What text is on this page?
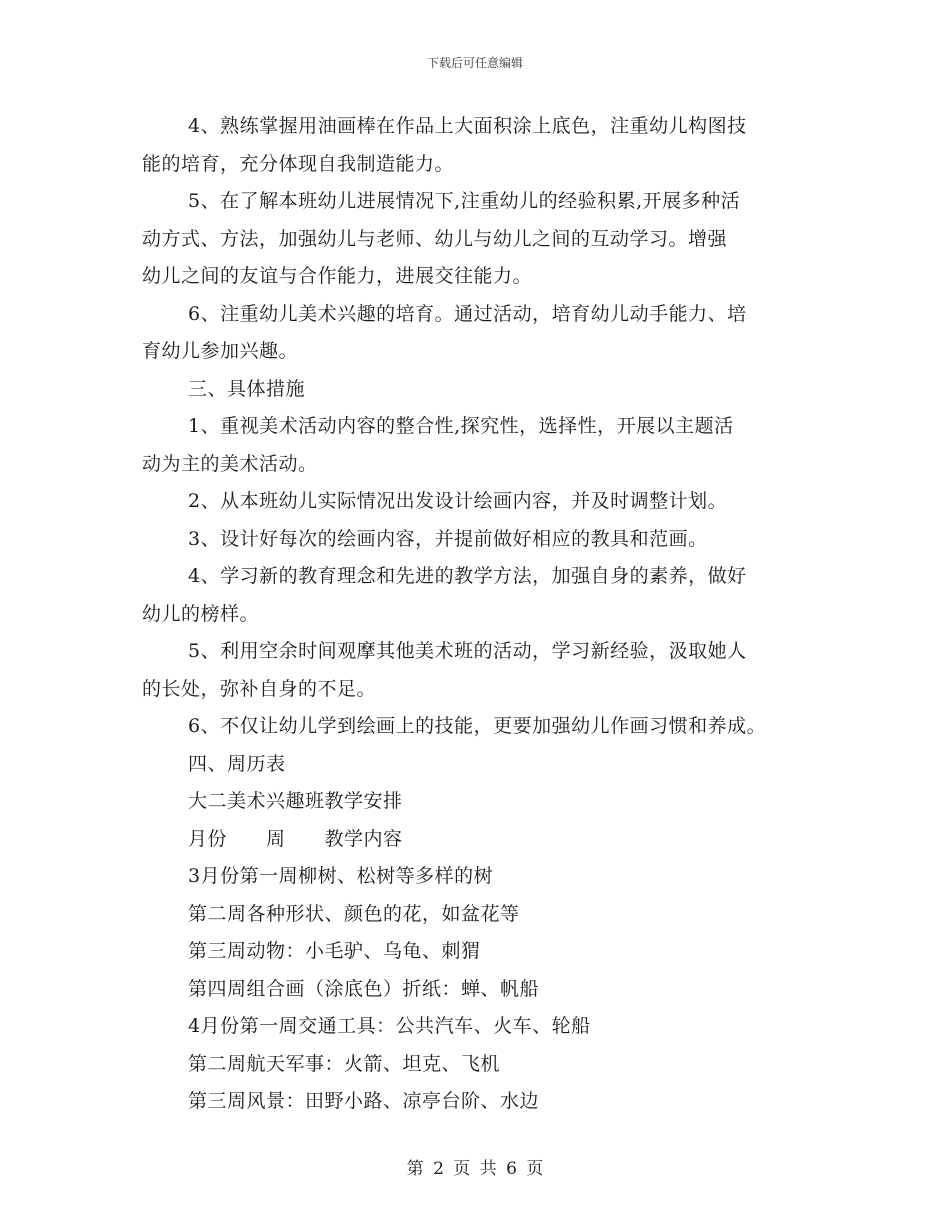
下载后可任意编辑

4、熟练掌握用油画棒在作品上大面积涂上底色，注重幼儿构图技

能的培育，充分体现自我制造能力。

5、在了解本班幼儿进展情况下,注重幼儿的经验积累,开展多种活

动方式、方法，加强幼儿与老师、幼儿与幼儿之间的互动学习。增强

幼儿之间的友谊与合作能力，进展交往能力。

6、注重幼儿美术兴趣的培育。通过活动，培育幼儿动手能力、培

育幼儿参加兴趣。

三、具体措施

1、重视美术活动内容的整合性,探究性，选择性，开展以主题活

动为主的美术活动。

2、从本班幼儿实际情况出发设计绘画内容，并及时调整计划。

3、设计好每次的绘画内容，并提前做好相应的教具和范画。

4、学习新的教育理念和先进的教学方法，加强自身的素养，做好

幼儿的榜样。

5、利用空余时间观摩其他美术班的活动，学习新经验，汲取她人

的长处，弥补自身的不足。

6、不仅让幼儿学到绘画上的技能，更要加强幼儿作画习惯和养成。

四、周历表

大二美术兴趣班教学安排

月份　　周　　教学内容

3月份第一周柳树、松树等多样的树

第二周各种形状、颜色的花，如盆花等

第三周动物：小毛驴、乌龟、刺猬

第四周组合画（涂底色）折纸：蝉、帆船

4月份第一周交通工具：公共汽车、火车、轮船

第二周航天军事：火箭、坦克、飞机

第三周风景：田野小路、凉亭台阶、水边

第 2 页 共 6 页
